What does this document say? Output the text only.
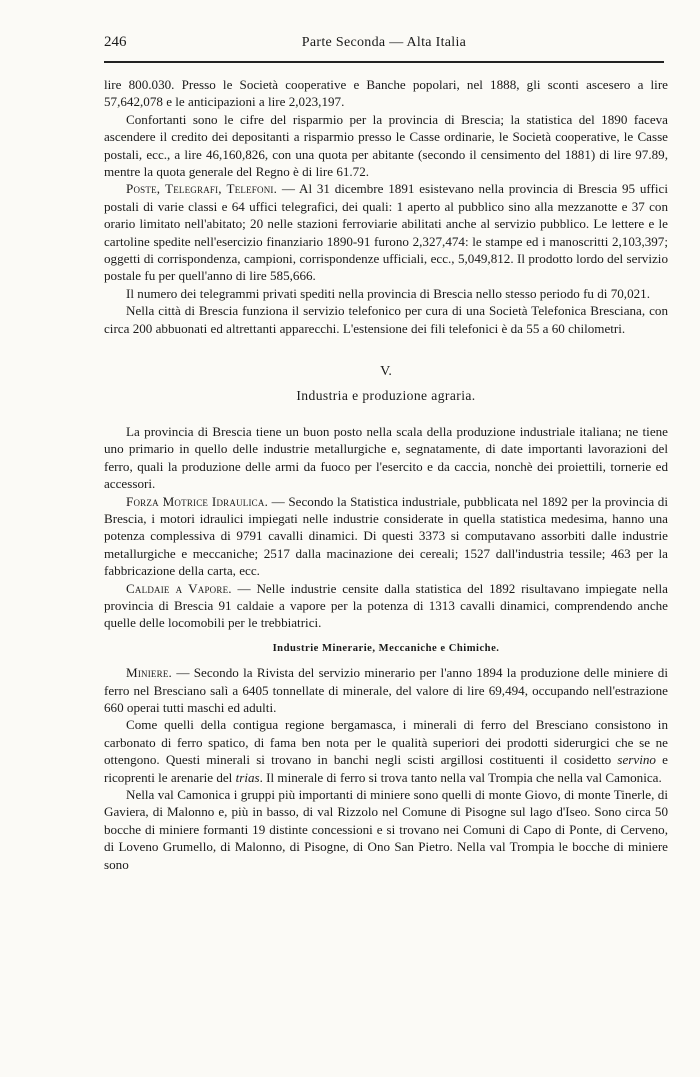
246	Parte Seconda — Alta Italia

lire 800.030. Presso le Società cooperative e Banche popolari, nel 1888, gli sconti ascesero a lire 57,642,078 e le anticipazioni a lire 2,023,197.

Confortanti sono le cifre del risparmio per la provincia di Brescia; la statistica del 1890 faceva ascendere il credito dei depositanti a risparmio presso le Casse ordinarie, le Società cooperative, le Casse postali, ecc., a lire 46,160,826, con una quota per abitante (secondo il censimento del 1881) di lire 97.89, mentre la quota generale del Regno è di lire 61.72.

Poste, Telegrafi, Telefoni. — Al 31 dicembre 1891 esistevano nella provincia di Brescia 95 uffici postali di varie classi e 64 uffici telegrafici, dei quali: 1 aperto al pubblico sino alla mezzanotte e 37 con orario limitato nell'abitato; 20 nelle stazioni ferroviarie abilitati anche al servizio pubblico. Le lettere e le cartoline spedite nell'esercizio finanziario 1890-91 furono 2,327,474: le stampe ed i manoscritti 2,103,397; oggetti di corrispondenza, campioni, corrispondenze ufficiali, ecc., 5,049,812. Il prodotto lordo del servizio postale fu per quell'anno di lire 585,666.

Il numero dei telegrammi privati spediti nella provincia di Brescia nello stesso periodo fu di 70,021.

Nella città di Brescia funziona il servizio telefonico per cura di una Società Telefonica Bresciana, con circa 200 abbuonati ed altrettanti apparecchi. L'estensione dei fili telefonici è da 55 a 60 chilometri.

V.
Industria e produzione agraria.

La provincia di Brescia tiene un buon posto nella scala della produzione industriale italiana; ne tiene uno primario in quello delle industrie metallurgiche e, segnatamente, di date importanti lavorazioni del ferro, quali la produzione delle armi da fuoco per l'esercito e da caccia, nonchè dei proiettili, tornerie ed accessori.

Forza Motrice Idraulica. — Secondo la Statistica industriale, pubblicata nel 1892 per la provincia di Brescia, i motori idraulici impiegati nelle industrie considerate in quella statistica medesima, hanno una potenza complessiva di 9791 cavalli dinamici. Di questi 3373 si computavano assorbiti dalle industrie metallurgiche e meccaniche; 2517 dalla macinazione dei cereali; 1527 dall'industria tessile; 463 per la fabbricazione della carta, ecc.

Caldaie a Vapore. — Nelle industrie censite dalla statistica del 1892 risultavano impiegate nella provincia di Brescia 91 caldaie a vapore per la potenza di 1313 cavalli dinamici, comprendendo anche quelle delle locomobili per le trebbiatrici.

Industrie Minerarie, Meccaniche e Chimiche.

Miniere. — Secondo la Rivista del servizio minerario per l'anno 1894 la produzione delle miniere di ferro nel Bresciano salì a 6405 tonnellate di minerale, del valore di lire 69,494, occupando nell'estrazione 660 operai tutti maschi ed adulti.

Come quelli della contigua regione bergamasca, i minerali di ferro del Bresciano consistono in carbonato di ferro spatico, di fama ben nota per le qualità superiori dei prodotti siderurgici che se ne ottengono. Questi minerali si trovano in banchi negli scisti argillosi costituenti il cosidetto servino e ricoprenti le arenarie del trias. Il minerale di ferro si trova tanto nella val Trompia che nella val Camonica.

Nella val Camonica i gruppi più importanti di miniere sono quelli di monte Giovo, di monte Tinerle, di Gaviera, di Malonno e, più in basso, di val Rizzolo nel Comune di Pisogne sul lago d'Iseo. Sono circa 50 bocche di miniere formanti 19 distinte concessioni e si trovano nei Comuni di Capo di Ponte, di Cerveno, di Loveno Grumello, di Malonno, di Pisogne, di Ono San Pietro. Nella val Trompia le bocche di miniere sono
